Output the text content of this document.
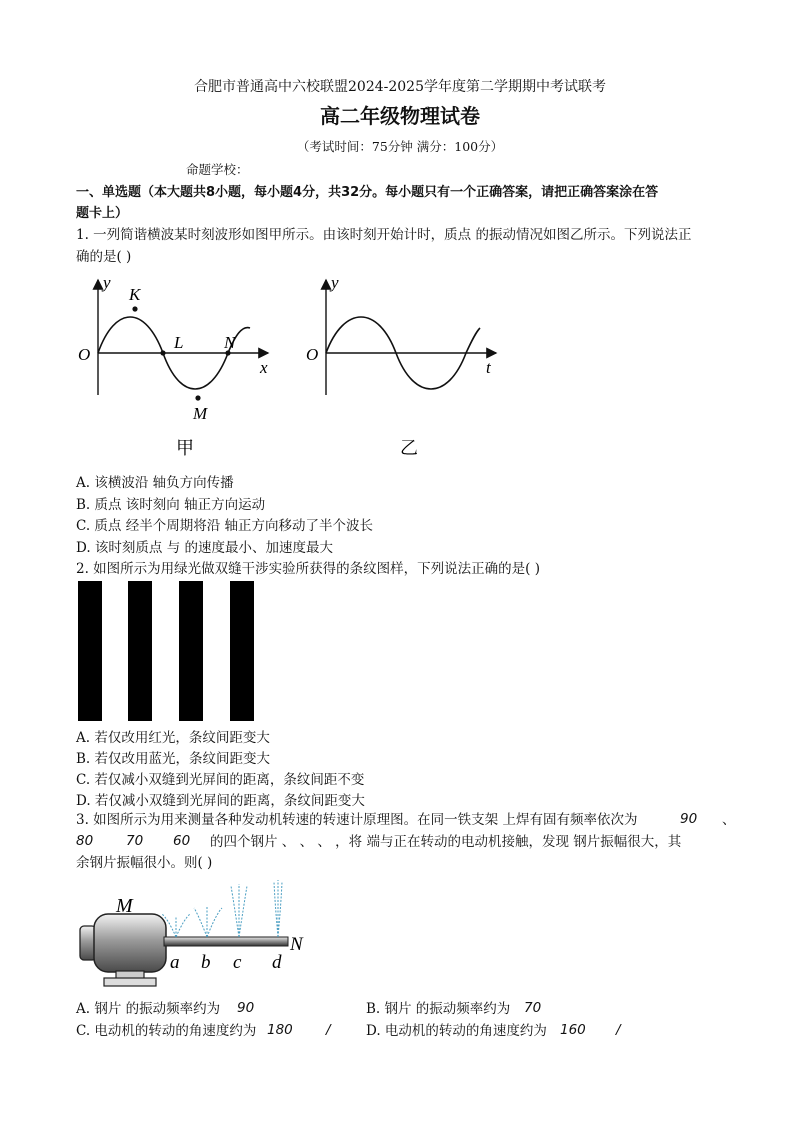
合肥市普通高中六校联盟2024-2025学年度第二学期期中考试联考
高二年级物理试卷
（考试时间：75分钟 满分：100分）
命题学校：
一、单选题（本大题共8小题，每小题4分，共32分。每小题只有一个正确答案，请把正确答案涂在答
题卡上）
1. 一列简谐横波某时刻波形如图甲所示。由该时刻开始计时，质点 的振动情况如图乙所示。下列说法正
确的是( )
y
x
O
K
L N
M
甲
y
t
O
乙
A. 该横波沿 轴负方向传播
B. 质点 该时刻向 轴正方向运动
C. 质点 经半个周期将沿 轴正方向移动了半个波长
D. 该时刻质点 与 的速度最小、加速度最大
2. 如图所示为用绿光做双缝干涉实验所获得的条纹图样，下列说法正确的是( )
A. 若仅改用红光，条纹间距变大
B. 若仅改用蓝光，条纹间距变大
C. 若仅减小双缝到光屏间的距离，条纹间距不变
D. 若仅减小双缝到光屏间的距离，条纹间距变大
3. 如图所示为用来测量各种发动机转速的转速计原理图。在同一铁支架 上焊有固有频率依次为	90 、
80 70 60 的四个钢片 、 、 、 ，将 端与正在转动的电动机接触，发现 钢片振幅很大，其
余钢片振幅很小。则( )
M
N
a b c d
A. 钢片 的振动频率约为 90	B. 钢片 的振动频率约为 70
C. 电动机的转动的角速度约为 180 /	D. 电动机的转动的角速度约为 160 /
